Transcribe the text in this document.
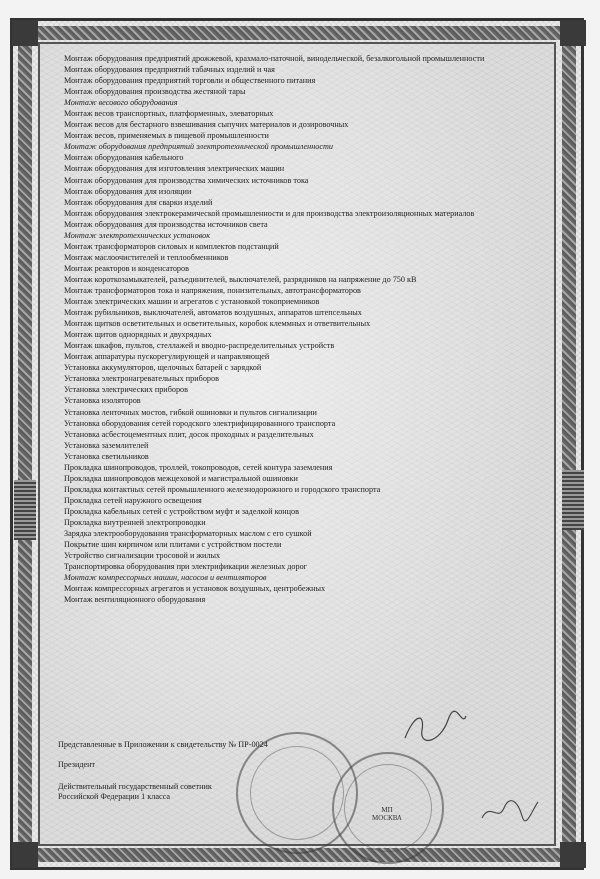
Монтаж оборудования предприятий дрожжевой, крахмало-паточной, винодельческой, безалкогольной промышленности
Монтаж оборудования предприятий табачных изделий и чая
Монтаж оборудования предприятий торговли и общественного питания
Монтаж оборудования производства жестяной тары
Монтаж весового оборудования
Монтаж весов транспортных, платформенных, элеваторных
Монтаж весов для бестарного взвешивания сыпучих материалов и дозировочных
Монтаж весов, применяемых в пищевой промышленности
Монтаж оборудования предприятий электротехнической промышленности
Монтаж оборудования кабельного
Монтаж оборудования для изготовления электрических машин
Монтаж оборудования для производства химических источников тока
Монтаж оборудования для изоляции
Монтаж оборудования для сварки изделий
Монтаж оборудования электрокерамической промышленности и для производства электроизоляционных материалов
Монтаж оборудования для производства источников света
Монтаж электротехнических установок
Монтаж трансформаторов силовых и комплектов подстанций
Монтаж маслоочистителей и теплообменников
Монтаж реакторов и конденсаторов
Монтаж короткозамыкателей, разъединителей, выключателей, разрядников на напряжение до 750 кВ
Монтаж трансформаторов тока и напряжения, понизительных, автотрансформаторов
Монтаж электрических машин и агрегатов с установкой токоприемников
Монтаж рубильников, выключателей, автоматов воздушных, аппаратов штепсельных
Монтаж щитков осветительных и осветительных, коробок клеммных и ответвительных
Монтаж щитов однорядных и двухрядных
Монтаж шкафов, пультов, стеллажей и вводно-распределительных устройств
Монтаж аппаратуры пускорегулирующей и направляющей
Установка аккумуляторов, щелочных батарей с зарядкой
Установка электронагревательных приборов
Установка электрических приборов
Установка изоляторов
Установка ленточных мостов, гибкой ошиновки и пультов сигнализации
Установка оборудования сетей городского электрифицированного транспорта
Установка асбестоцементных плит, досок проходных и разделительных
Установка заземлителей
Установка светильников
Прокладка шинопроводов, троллей, токопроводов, сетей контура заземления
Прокладка шинопроводов межцеховой и магистральной ошиновки
Прокладка контактных сетей промышленного железнодорожного и городского транспорта
Прокладка сетей наружного освещения
Прокладка кабельных сетей с устройством муфт и заделкой концов
Прокладка внутренней электропроводки
Зарядка электрооборудования трансформаторных маслом с его сушкой
Покрытие шин кирпичом или плитами с устройством постели
Устройство сигнализации тросовой и жилых
Транспортировка оборудования при электрификации железных дорог
Монтаж компрессорных машин, насосов и вентиляторов
Монтаж компрессорных агрегатов и установок воздушных, центробежных
Монтаж вентиляционного оборудования
Представленные в Приложении к свидетельству № ПР-0024
Президент
Действительный государственный советник
Российской Федерации 1 класса
МП
МОСКВА
